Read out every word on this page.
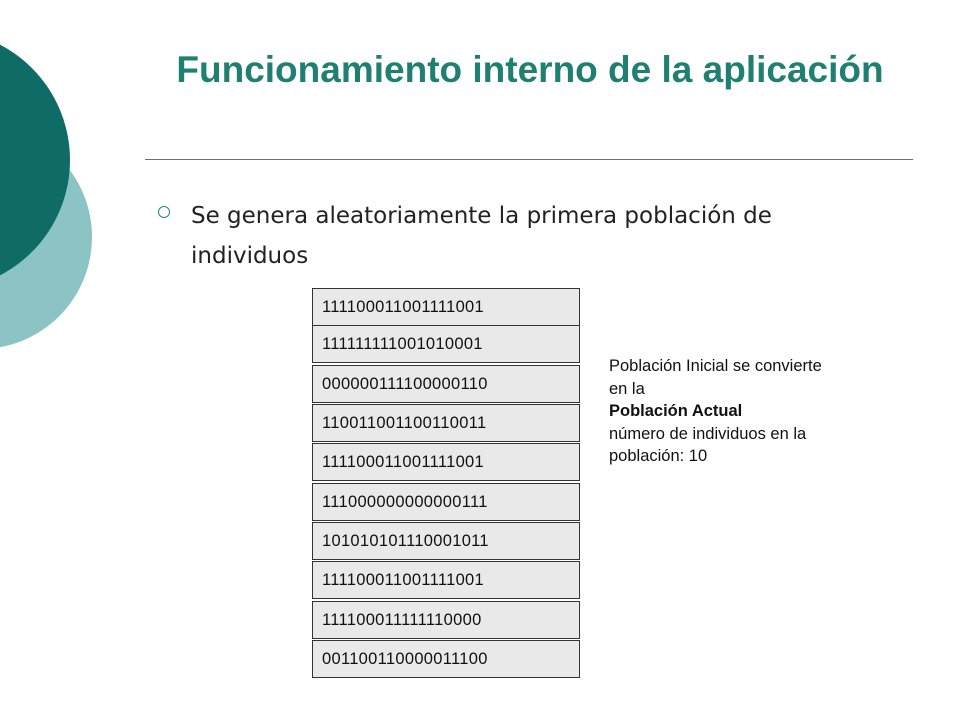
Funcionamiento interno de la aplicación

Se genera aleatoriamente la primera población de individuos

111100011001111001
111111111001010001
000000111100000110
110011001100110011
111100011001111001
111000000000000111
101010101110001011
111100011001111001
111100011111110000
001100110000011100
Población Inicial se convierte en la
Población Actual
número de individuos en la población: 10
